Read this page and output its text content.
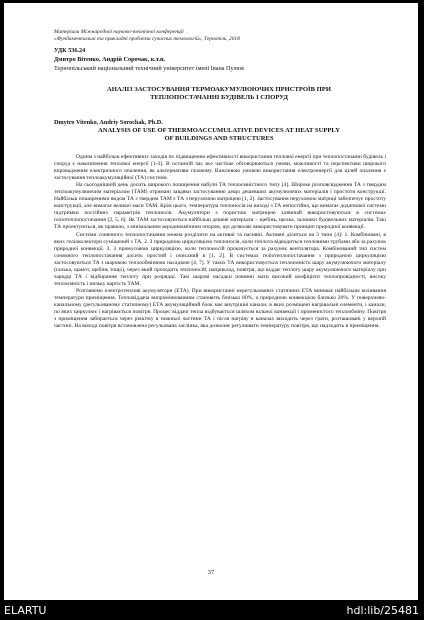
Матеріали Міжнародної науково-технічної конференції
«Фундаментальні та прикладні проблеми сучасних технологій», Тернопіль, 2018
УДК 536.24
Дмитро Вітенко, Андрій Сорочак, к.т.н.
Тернопільський національний технічний університет імені Івана Пулюя
АНАЛІЗ ЗАСТОСУВАННЯ ТЕРМОАКУМУЛЮЮЧИХ ПРИСТРОЇВ ПРИ
ТЕПЛОПОСТАЧАННІ БУДІВЕЛЬ І СПОРУД
Dmytro Vitenko, Andriy Sorochak, Ph.D.
ANALYSIS OF USE OF THERMOACCUMULATIVE DEVICES AT HEAT SUPPLY
OF BUILDINGS AND STRUCTURES

Одним з найбільш ефективних заходів по підвищенню ефективності використання теплової енергії при теплопостачанні будівель і споруд є накопичення теплової енергії [1-3]. В останній час все частіше обговорюються умови, можливості та перспективи широкого впровадження електричного опалення, як альтернативи газовому. Важливою умовою використання електроенергії для цілей опалення є застосування теплоакумуляційної (ТА) системи.

На сьогоднішній день досить широкого поширення набули ТА теплоємністного типу [4]. Широке розповсюдження ТА з твердим теплоакумулюючим матеріалом (ТАМ) отримані завдяки застосуванню дещо дешевших акумулюючих матеріалів і простоти конструкції. Найбільш поширеними видом ТА з твердим ТАМ є ТА з нерухомою матрицею [1, 2]. Застосування нерухомою матриці забезпечує простоту конструкції, але вимагає великої маси ТАМ. Крім цього, температура теплоносія на виході з ТА непостійна, що вимагає додаткової системи підтримки постійних параметрів теплоносія. Акумулятори з пористою матрицею зазвичай використовуються в системах геліотеплопостачання [2, 5, 6]. Як ТАМ застосовуються найбільш дешеві матеріали – щебінь, щелка, залишки будівельних матеріалів. Такі ТА проектуються, як правило, з мінімальним аеродинамічним опором, що дозволяє використовувати принцип природної конвекції.

Системи сонячного теплопостачання можна розділити на активні та пасивні. Активні ділиться на 3 типи [4]: 1. Комбіновані, в яких геліоколектори суміщений з ТА. 2. З природною циркуляцією теплоносія, коли теплота відводиться тепловими трубами або за рахунок природної конвекції. 3. З примусовою циркуляцією, коли теплоносій прокачується за рахунок вентилятора. Комбінований тип систем сонячного теплопостачання досить простий і описаний в [1, 2]. В системах геліотеплопостачання з природною циркуляцією застосовуються ТА з шаровою теплообмінною насадкою [4, 7]. У таких ТА використовується теплоємність шару акумулюючого матеріалу (галька, щамот, щебінь тощо), через який проходить теплоносій, наприклад, повітря, що віддає теплоту шару акумулюючого матеріалу при зарядці ТА і відбирання теплоту при розрядці. Такі шарові насадки повинні мати високий коефіцієнт теплопровідності, високу теплоємність і низьку вартість ТАМ.

Розглянемо електротепловi акумулятори (ЕТА). При використанні нерегульованих статичних ЕТА виникає найбільше коливання температури приміщення. Тепловіддача випромінюванням становить близько 80%, а природною конвекцією близько 20%. У поверхнево-канальному (регульованому статичному) ЕТА акумуляційний блок має внутрішні канали, в яких розміщені нагрівальні елементи, і канали, по яких циркулює і нагрівається повітря. Процес віддачі тепла відбувається шляхом вільної конвекції і променистого теплообміну. Повітря з приміщення забирається через решітку в нижньої частини ТА і після нагріву в каналах виходить через грати, розташовані у верхній частині. На виході повітря встановлена регульована заслінка, яка дозволяє регулювати температуру повітря, що надходить в приміщення.

37
ELARTU	hdl:lib/25481
